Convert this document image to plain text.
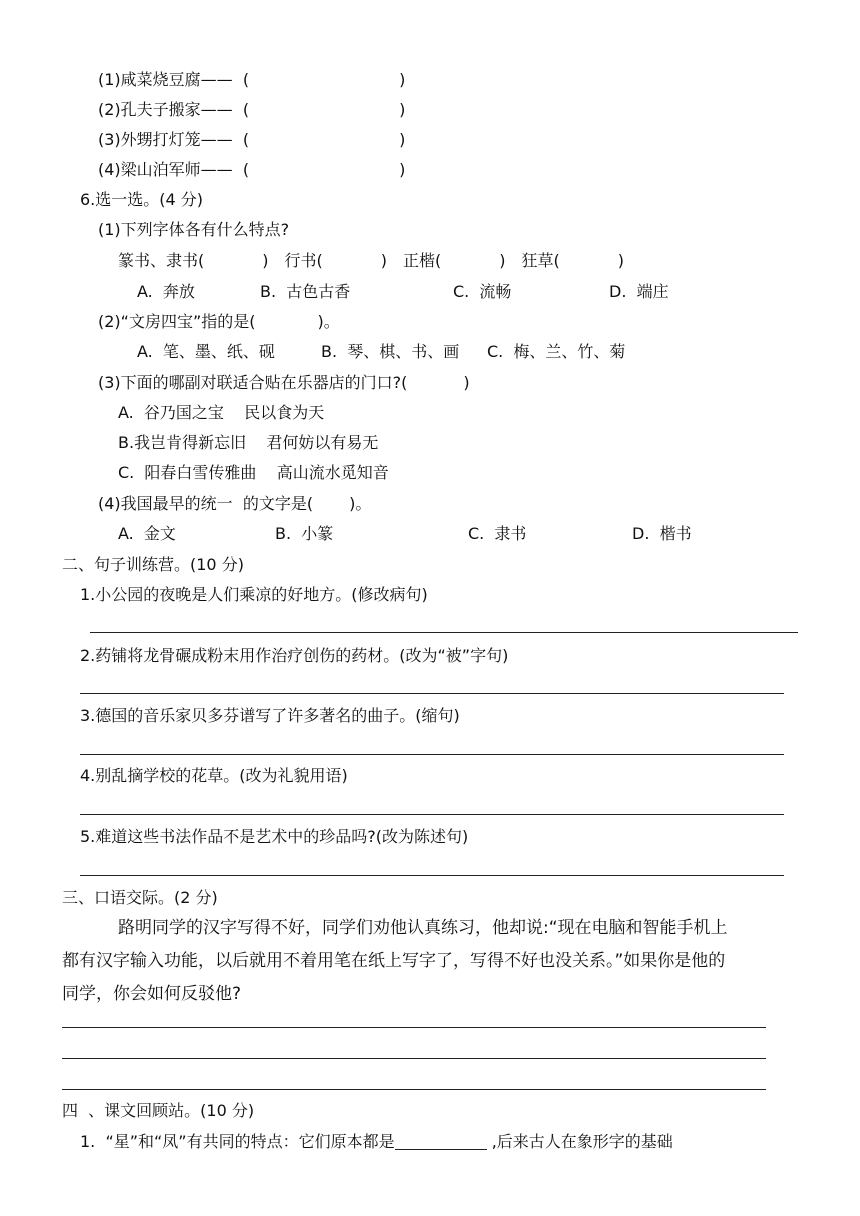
(1)咸菜烧豆腐——  (	)
(2)孔夫子搬家——  (	)
(3)外甥打灯笼——  (	)
(4)梁山泊军师——  (	)
6.选一选。(4 分)
(1)下列字体各有什么特点?
篆书、隶书(	) 行书(	) 正楷(	) 狂草(	)
A.  奔放	B.  古色古香	C.  流畅	D.  端庄
(2)“文房四宝”指的是(	)。
A.  笔、墨、纸、砚	B.  琴、棋、书、画 C.  梅、兰、竹、菊
(3)下面的哪副对联适合贴在乐器店的门口?(	)
A.  谷乃国之宝    民以食为天
B.我岂肯得新忘旧    君何妨以有易无
C.  阳春白雪传雅曲    高山流水觅知音
(4)我国最早的统一  的文字是( )。
A.  金文	B.  小篆	C.  隶书	D.  楷书
二、句子训练营。(10 分)
1.小公园的夜晚是人们乘凉的好地方。(修改病句)
2.药铺将龙骨碾成粉末用作治疗创伤的药材。(改为“被”字句)
3.德国的音乐家贝多芬谱写了许多著名的曲子。(缩句)
4.别乱摘学校的花草。(改为礼貌用语)
5.难道这些书法作品不是艺术中的珍品吗?(改为陈述句)
三、口语交际。(2 分)
路明同学的汉字写得不好，同学们劝他认真练习，他却说:“现在电脑和智能手机上
都有汉字输入功能，以后就用不着用笔在纸上写字了，写得不好也没关系。”如果你是他的
同学，你会如何反驳他?
四  、课文回顾站。(10 分)
1.  “星”和“凤”有共同的特点：它们原本都是	,后来古人在象形字的基础
